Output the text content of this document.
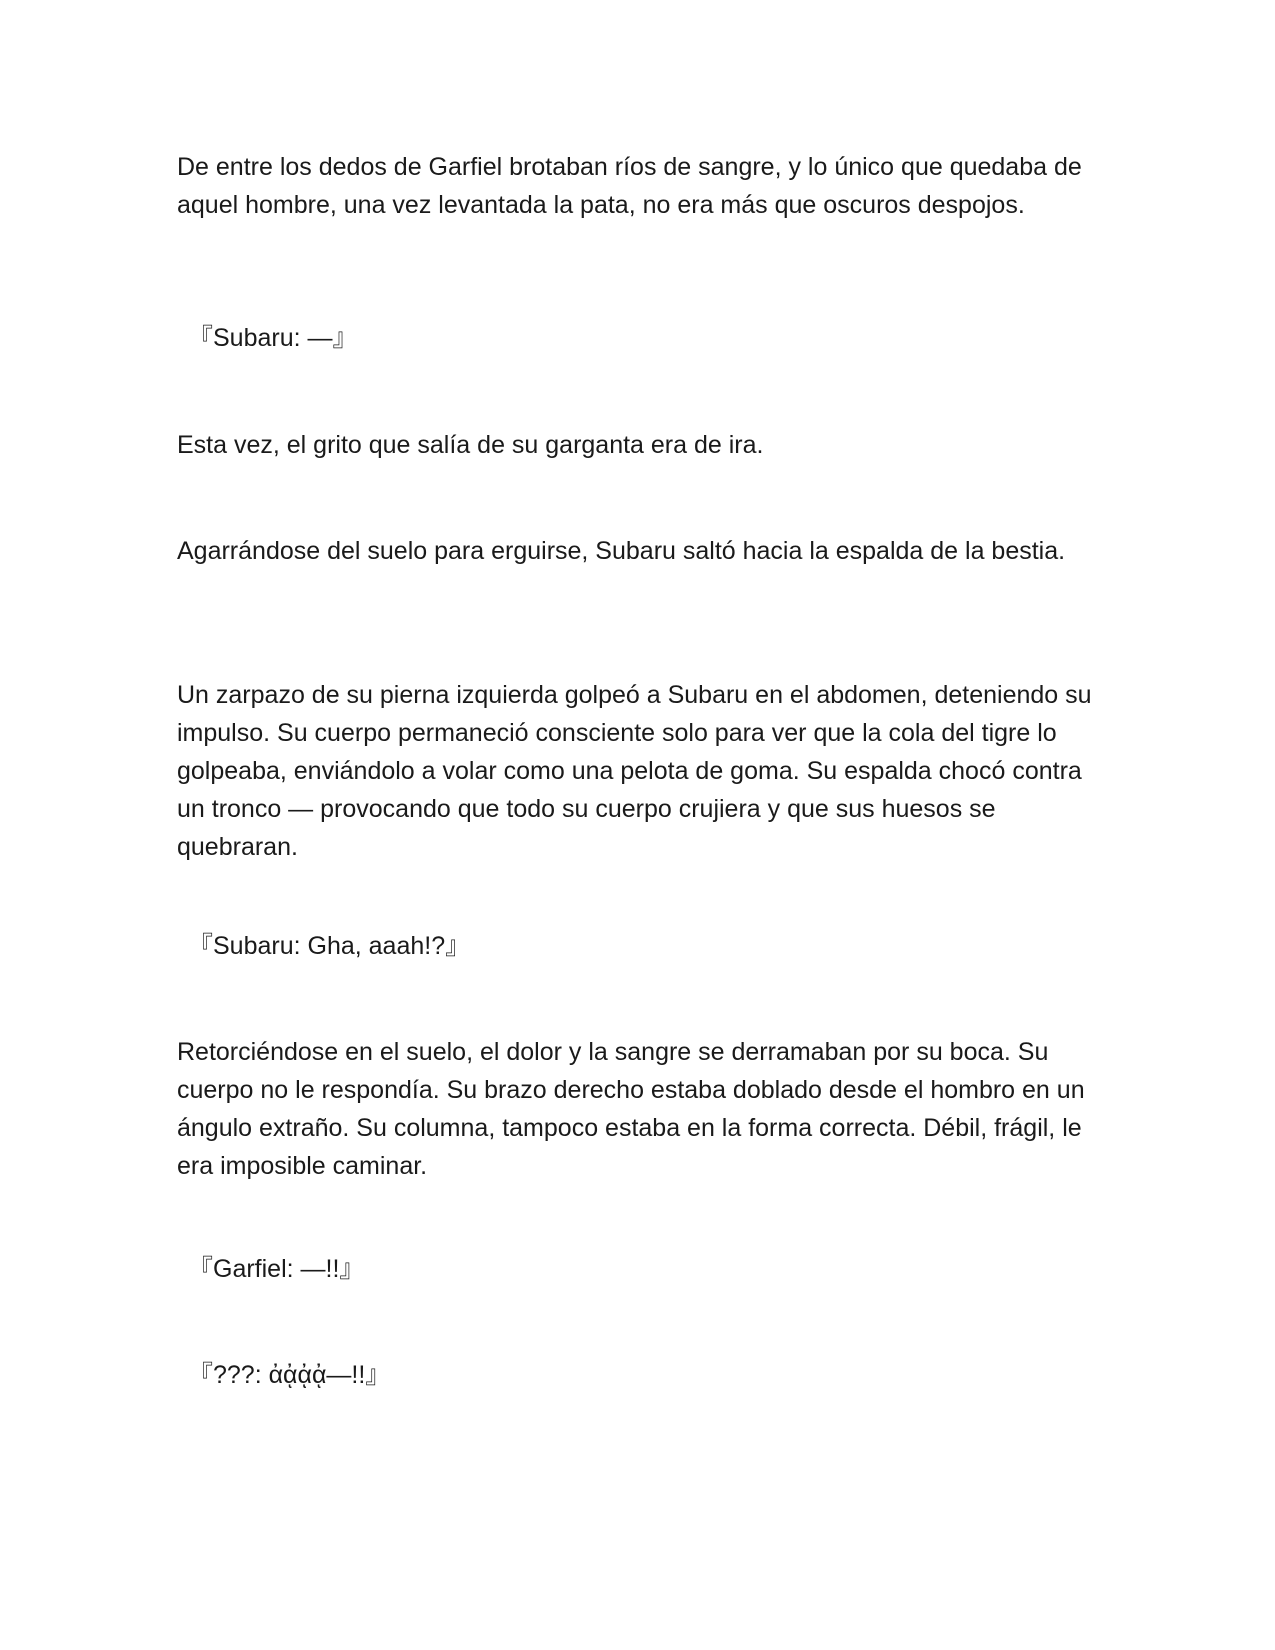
De entre los dedos de Garfiel brotaban ríos de sangre, y lo único que quedaba de aquel hombre, una vez levantada la pata, no era más que oscuros despojos.

『Subaru: —』

Esta vez, el grito que salía de su garganta era de ira.

Agarrándose del suelo para erguirse, Subaru saltó hacia la espalda de la bestia.

Un zarpazo de su pierna izquierda golpeó a Subaru en el abdomen, deteniendo su impulso. Su cuerpo permaneció consciente solo para ver que la cola del tigre lo golpeaba, enviándolo a volar como una pelota de goma. Su espalda chocó contra un tronco — provocando que todo su cuerpo crujiera y que sus huesos se quebraran.

『Subaru: Gha, aaah!?』

Retorciéndose en el suelo, el dolor y la sangre se derramaban por su boca. Su cuerpo no le respondía. Su brazo derecho estaba doblado desde el hombro en un ángulo extraño. Su columna, tampoco estaba en la forma correcta. Débil, frágil, le era imposible caminar.

『Garfiel: —!!』

『???: ἀᾀᾀᾀ—!!』
